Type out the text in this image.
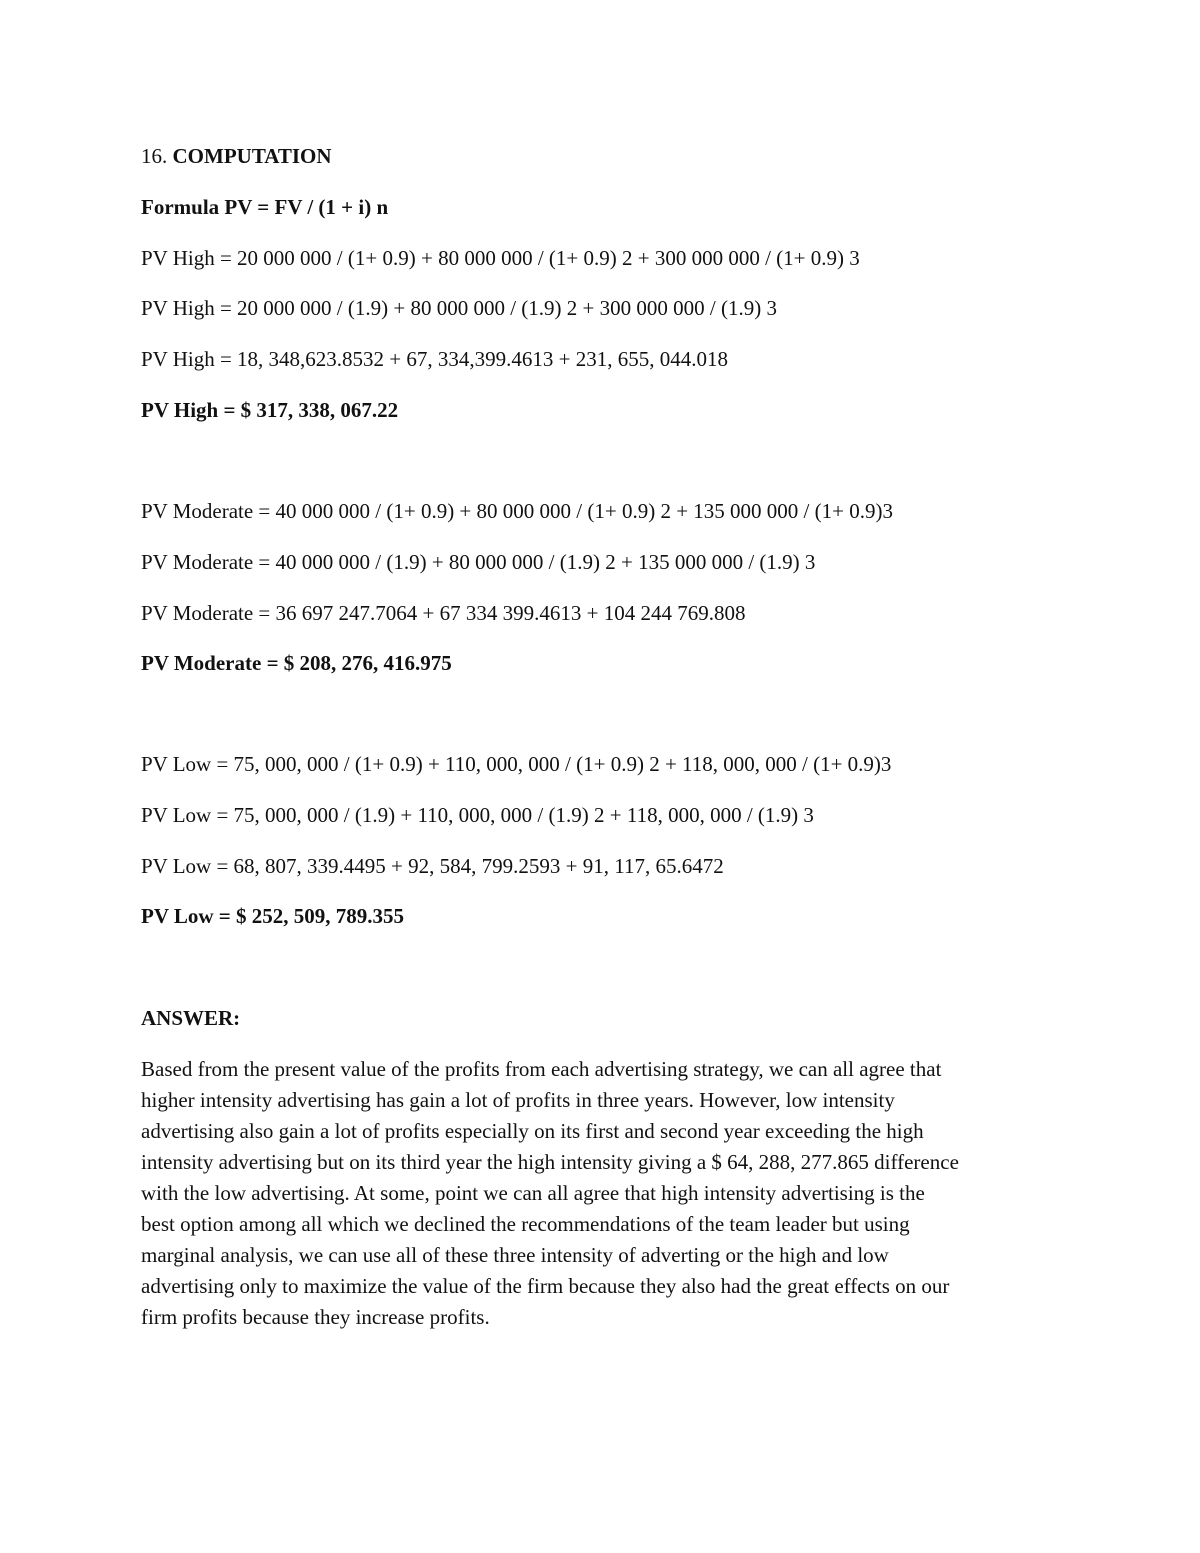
16. COMPUTATION
Formula PV = FV / (1 + i) n
PV High = 20 000 000 / (1+ 0.9) + 80 000 000 / (1+ 0.9) 2 + 300 000 000 / (1+ 0.9) 3
PV High = 20 000 000 / (1.9) + 80 000 000 / (1.9) 2 + 300 000 000 / (1.9) 3
PV High = 18, 348,623.8532 + 67, 334,399.4613 + 231, 655, 044.018
PV High = $ 317, 338, 067.22
PV Moderate = 40 000 000 / (1+ 0.9) + 80 000 000 / (1+ 0.9) 2 + 135 000 000 / (1+ 0.9)3
PV Moderate = 40 000 000 / (1.9) + 80 000 000 / (1.9) 2 + 135 000 000 / (1.9) 3
PV Moderate = 36 697 247.7064 + 67 334 399.4613 + 104 244 769.808
PV Moderate = $ 208, 276, 416.975
PV Low = 75, 000, 000 / (1+ 0.9) + 110, 000, 000 / (1+ 0.9) 2 + 118, 000, 000 / (1+ 0.9)3
PV Low = 75, 000, 000 / (1.9) + 110, 000, 000 / (1.9) 2 + 118, 000, 000 / (1.9) 3
PV Low = 68, 807, 339.4495 + 92, 584, 799.2593 + 91, 117, 65.6472
PV Low = $ 252, 509, 789.355
ANSWER:
Based from the present value of the profits from each advertising strategy, we can all agree that
higher intensity advertising has gain a lot of profits in three years. However, low intensity
advertising also gain a lot of profits especially on its first and second year exceeding the high
intensity advertising but on its third year the high intensity giving a $ 64, 288, 277.865 difference
with the low advertising. At some, point we can all agree that high intensity advertising is the
best option among all which we declined the recommendations of the team leader but using
marginal analysis, we can use all of these three intensity of adverting or the high and low
advertising only to maximize the value of the firm because they also had the great effects on our
firm profits because they increase profits.
